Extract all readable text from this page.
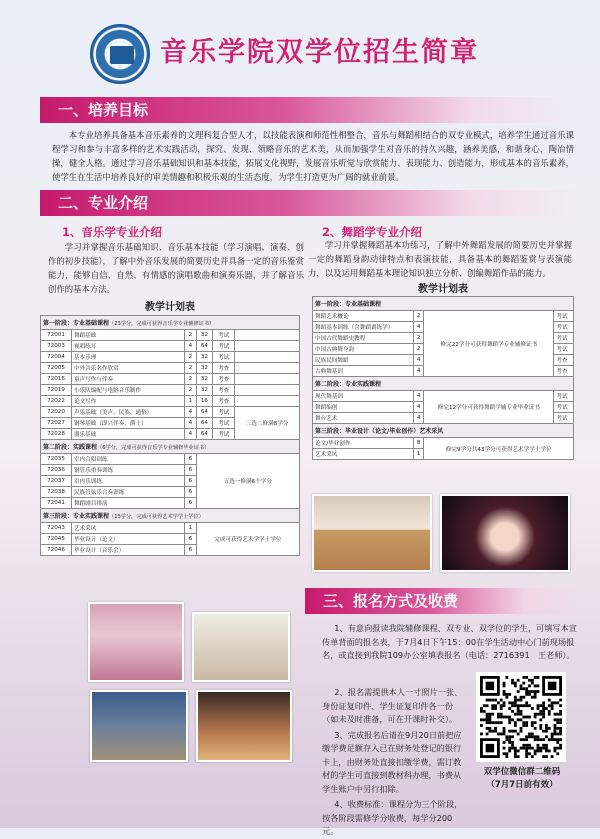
音乐学院双学位招生简章
一、培养目标
本专业培养具备基本音乐素养的文理科复合型人才，以技能表演和师范性相整合，音乐与舞蹈相结合的双专业模式，培养学生通过音乐课程学习和参与丰富多样的艺术实践活动，探究、发现、领略音乐的艺术美，从而加强学生对音乐的持久兴趣，涵养美感，和谐身心，陶冶情操，健全人格。通过学习音乐基础知识和基本技能，拓展文化视野，发展音乐听觉与欣赏能力、表现能力、创造能力，形成基本的音乐素养，使学生在生活中培养良好的审美情趣和积极乐观的生活态度，为学生打造更为广阔的就业前景。
二、专业介绍
1、音乐学专业介绍
学习并掌握音乐基础知识、音乐基本技能（学习演唱、演奏、创作的初步技能），了解中外音乐发展的简要历史并具备一定的音乐鉴赏能力，能够自信、自然、有情感的演唱歌曲和演奏乐器，并了解音乐创作的基本方法。
2、舞蹈学专业介绍
学习并掌握舞蹈基本功练习，了解中外舞蹈发展的简要历史并掌握一定的舞蹈身韵动律特点和表演技能，具备基本的舞蹈鉴赏与表演能力，以及运用舞蹈基本理论知识独立分析、创编舞蹈作品的能力。
教学计划表
第一阶段：专业基础课程（23学分，完成可获得音乐学专业辅修证书）					
72001	舞蹈基础	2	32	考试	
72003	视唱练耳	4	64	考试	
72004	基本乐理	2	32	考试	
72005	中外音乐名作欣赏	2	32	考查	
72016	童声写作与伴奏	2	32	考查	
72019	小乐队编配与电脑音乐制作	2	32	考查	
72022	论文写作	1	16	考查	
72020	声乐基础（美声、民族、通俗）	4	64	考试	三选二修满8学分
72027	钢琴基础（即兴伴奏、爵士）	4	64	考试	
72028	器乐基础	4	64	考试	
第二阶段：实践课程（6学分，完成可获得音乐学专业辅修毕业证书）					
72035	室内合唱训练	6	五选一修满6个学分		
72036	钢管乐重奏训练	6			
72037	室内乐训练	6			
72038	民族管弦乐合奏训练	6			
72041	舞蹈剧目排演	6			
第三阶段：专业实践课程（13学分，完成可获得艺术学学士学位）					
72043	艺术采风	1	完成可获得艺术学学士学位		
72045	毕业设计（论文）	6			
72046	毕业设计（音乐会）	6			
教学计划表
第一阶段：专业基础课程			
舞蹈艺术概论	2	修完22学分可获得舞蹈学专业辅修证书	考试
舞蹈基本训练（含舞蹈训练学）	4		考试
中国古代舞蹈史教程	2		考试
中国古典舞身韵	2		考试
民族民间舞蹈	4		考查
古典舞基训	4		考查
第二阶段：专业实践课程			
现代舞基训	4	修完12学分可获得舞蹈学辅专业毕业证书	考试
舞蹈编创	4		考试
舞台艺术	4		考试
第三阶段：毕业设计（论文/毕业创作）艺术采风			
论文/毕业创作	8	修完9学分共43学分可获得艺术学学士学位	
艺术采风	1		
三、报名方式及收费

1、有意向报读我院辅修课程、双专业、双学位的学生，可填写本宣传单背面的报名表，于7月4日下午15：00在学生活动中心门前现场报名，或直接到我院109办公室填表报名（电话：2716391　王老师）。

2、报名需提供本人一寸照片一张、身份证复印件、学生证复印件各一份（如未及时准备，可在开课时补交）。

3、完成报名后请在9月20日前把应缴学费足额存入已在财务处登记的银行卡上，由财务处直接扣缴学费，需订教材的学生可直接到教材科办理，书费从学生账户中另行扣除。

4、收费标准：课程分为三个阶段，按各阶段需修学分收费，每学分200元。

双学位微信群二维码
（7月7日前有效）
